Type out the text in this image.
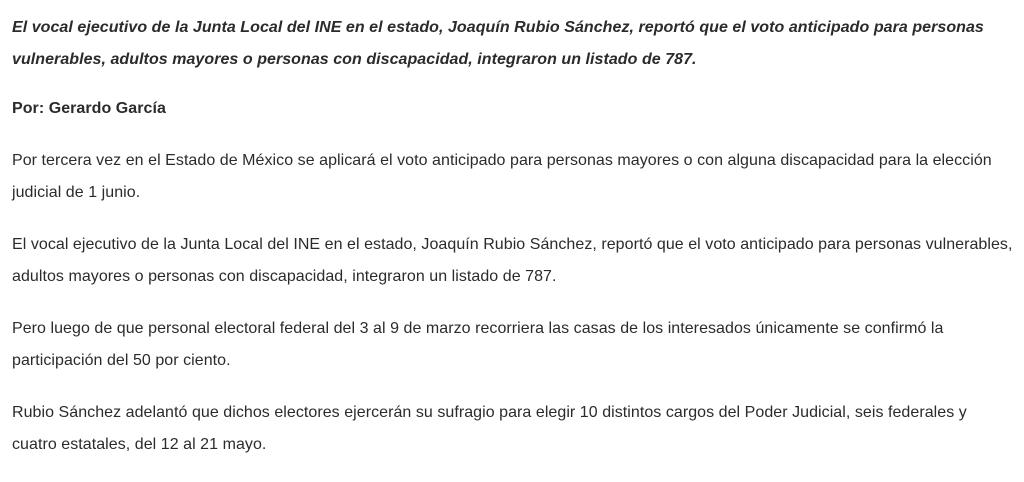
El vocal ejecutivo de la Junta Local del INE en el estado, Joaquín Rubio Sánchez, reportó que el voto anticipado para personas vulnerables, adultos mayores o personas con discapacidad, integraron un listado de 787.

Por: Gerardo García

Por tercera vez en el Estado de México se aplicará el voto anticipado para personas mayores o con alguna discapacidad para la elección judicial de 1 junio.

El vocal ejecutivo de la Junta Local del INE en el estado, Joaquín Rubio Sánchez, reportó que el voto anticipado para personas vulnerables, adultos mayores o personas con discapacidad, integraron un listado de 787.

Pero luego de que personal electoral federal del 3 al 9 de marzo recorriera las casas de los interesados únicamente se confirmó la participación del 50 por ciento.

Rubio Sánchez adelantó que dichos electores ejercerán su sufragio para elegir 10 distintos cargos del Poder Judicial, seis federales y cuatro estatales, del 12 al 21 mayo.
